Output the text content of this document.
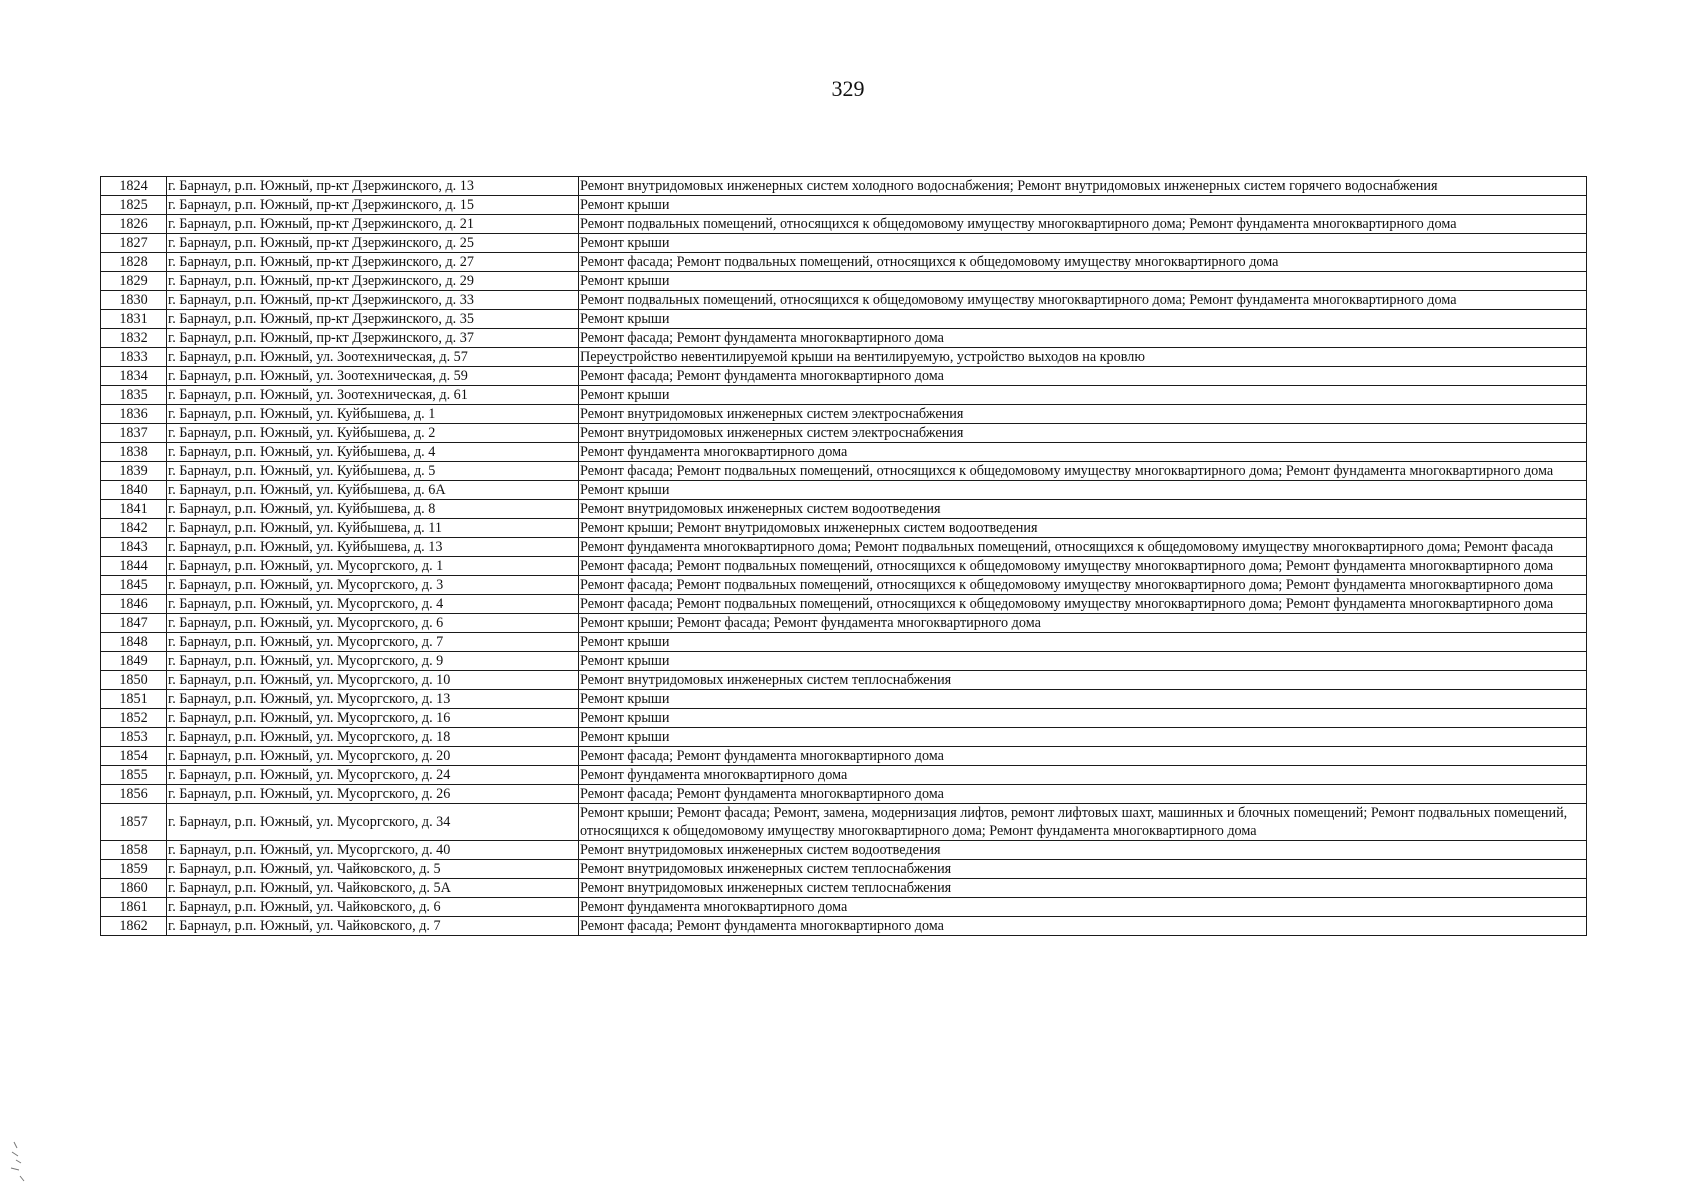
329
1824	г. Барнаул, р.п. Южный, пр-кт Дзержинского, д. 13	Ремонт внутридомовых инженерных систем холодного водоснабжения; Ремонт внутридомовых инженерных систем горячего водоснабжения
1825	г. Барнаул, р.п. Южный, пр-кт Дзержинского, д. 15	Ремонт крыши
1826	г. Барнаул, р.п. Южный, пр-кт Дзержинского, д. 21	Ремонт подвальных помещений, относящихся к общедомовому имуществу многоквартирного дома; Ремонт фундамента многоквартирного дома
1827	г. Барнаул, р.п. Южный, пр-кт Дзержинского, д. 25	Ремонт крыши
1828	г. Барнаул, р.п. Южный, пр-кт Дзержинского, д. 27	Ремонт фасада; Ремонт подвальных помещений, относящихся к общедомовому имуществу многоквартирного дома
1829	г. Барнаул, р.п. Южный, пр-кт Дзержинского, д. 29	Ремонт крыши
1830	г. Барнаул, р.п. Южный, пр-кт Дзержинского, д. 33	Ремонт подвальных помещений, относящихся к общедомовому имуществу многоквартирного дома; Ремонт фундамента многоквартирного дома
1831	г. Барнаул, р.п. Южный, пр-кт Дзержинского, д. 35	Ремонт крыши
1832	г. Барнаул, р.п. Южный, пр-кт Дзержинского, д. 37	Ремонт фасада; Ремонт фундамента многоквартирного дома
1833	г. Барнаул, р.п. Южный, ул. Зоотехническая, д. 57	Переустройство невентилируемой крыши на вентилируемую, устройство выходов на кровлю
1834	г. Барнаул, р.п. Южный, ул. Зоотехническая, д. 59	Ремонт фасада; Ремонт фундамента многоквартирного дома
1835	г. Барнаул, р.п. Южный, ул. Зоотехническая, д. 61	Ремонт крыши
1836	г. Барнаул, р.п. Южный, ул. Куйбышева, д. 1	Ремонт внутридомовых инженерных систем электроснабжения
1837	г. Барнаул, р.п. Южный, ул. Куйбышева, д. 2	Ремонт внутридомовых инженерных систем электроснабжения
1838	г. Барнаул, р.п. Южный, ул. Куйбышева, д. 4	Ремонт фундамента многоквартирного дома
1839	г. Барнаул, р.п. Южный, ул. Куйбышева, д. 5	Ремонт фасада; Ремонт подвальных помещений, относящихся к общедомовому имуществу многоквартирного дома; Ремонт фундамента многоквартирного дома
1840	г. Барнаул, р.п. Южный, ул. Куйбышева, д. 6А	Ремонт крыши
1841	г. Барнаул, р.п. Южный, ул. Куйбышева, д. 8	Ремонт внутридомовых инженерных систем водоотведения
1842	г. Барнаул, р.п. Южный, ул. Куйбышева, д. 11	Ремонт крыши; Ремонт внутридомовых инженерных систем водоотведения
1843	г. Барнаул, р.п. Южный, ул. Куйбышева, д. 13	Ремонт фундамента многоквартирного дома; Ремонт подвальных помещений, относящихся к общедомовому имуществу многоквартирного дома; Ремонт фасада
1844	г. Барнаул, р.п. Южный, ул. Мусоргского, д. 1	Ремонт фасада; Ремонт подвальных помещений, относящихся к общедомовому имуществу многоквартирного дома; Ремонт фундамента многоквартирного дома
1845	г. Барнаул, р.п. Южный, ул. Мусоргского, д. 3	Ремонт фасада; Ремонт подвальных помещений, относящихся к общедомовому имуществу многоквартирного дома; Ремонт фундамента многоквартирного дома
1846	г. Барнаул, р.п. Южный, ул. Мусоргского, д. 4	Ремонт фасада; Ремонт подвальных помещений, относящихся к общедомовому имуществу многоквартирного дома; Ремонт фундамента многоквартирного дома
1847	г. Барнаул, р.п. Южный, ул. Мусоргского, д. 6	Ремонт крыши; Ремонт фасада; Ремонт фундамента многоквартирного дома
1848	г. Барнаул, р.п. Южный, ул. Мусоргского, д. 7	Ремонт крыши
1849	г. Барнаул, р.п. Южный, ул. Мусоргского, д. 9	Ремонт крыши
1850	г. Барнаул, р.п. Южный, ул. Мусоргского, д. 10	Ремонт внутридомовых инженерных систем теплоснабжения
1851	г. Барнаул, р.п. Южный, ул. Мусоргского, д. 13	Ремонт крыши
1852	г. Барнаул, р.п. Южный, ул. Мусоргского, д. 16	Ремонт крыши
1853	г. Барнаул, р.п. Южный, ул. Мусоргского, д. 18	Ремонт крыши
1854	г. Барнаул, р.п. Южный, ул. Мусоргского, д. 20	Ремонт фасада; Ремонт фундамента многоквартирного дома
1855	г. Барнаул, р.п. Южный, ул. Мусоргского, д. 24	Ремонт фундамента многоквартирного дома
1856	г. Барнаул, р.п. Южный, ул. Мусоргского, д. 26	Ремонт фасада; Ремонт фундамента многоквартирного дома
1857	г. Барнаул, р.п. Южный, ул. Мусоргского, д. 34	Ремонт крыши; Ремонт фасада; Ремонт, замена, модернизация лифтов, ремонт лифтовых шахт, машинных и блочных помещений; Ремонт подвальных помещений, относящихся к общедомовому имуществу многоквартирного дома; Ремонт фундамента многоквартирного дома
1858	г. Барнаул, р.п. Южный, ул. Мусоргского, д. 40	Ремонт внутридомовых инженерных систем водоотведения
1859	г. Барнаул, р.п. Южный, ул. Чайковского, д. 5	Ремонт внутридомовых инженерных систем теплоснабжения
1860	г. Барнаул, р.п. Южный, ул. Чайковского, д. 5А	Ремонт внутридомовых инженерных систем теплоснабжения
1861	г. Барнаул, р.п. Южный, ул. Чайковского, д. 6	Ремонт фундамента многоквартирного дома
1862	г. Барнаул, р.п. Южный, ул. Чайковского, д. 7	Ремонт фасада; Ремонт фундамента многоквартирного дома
